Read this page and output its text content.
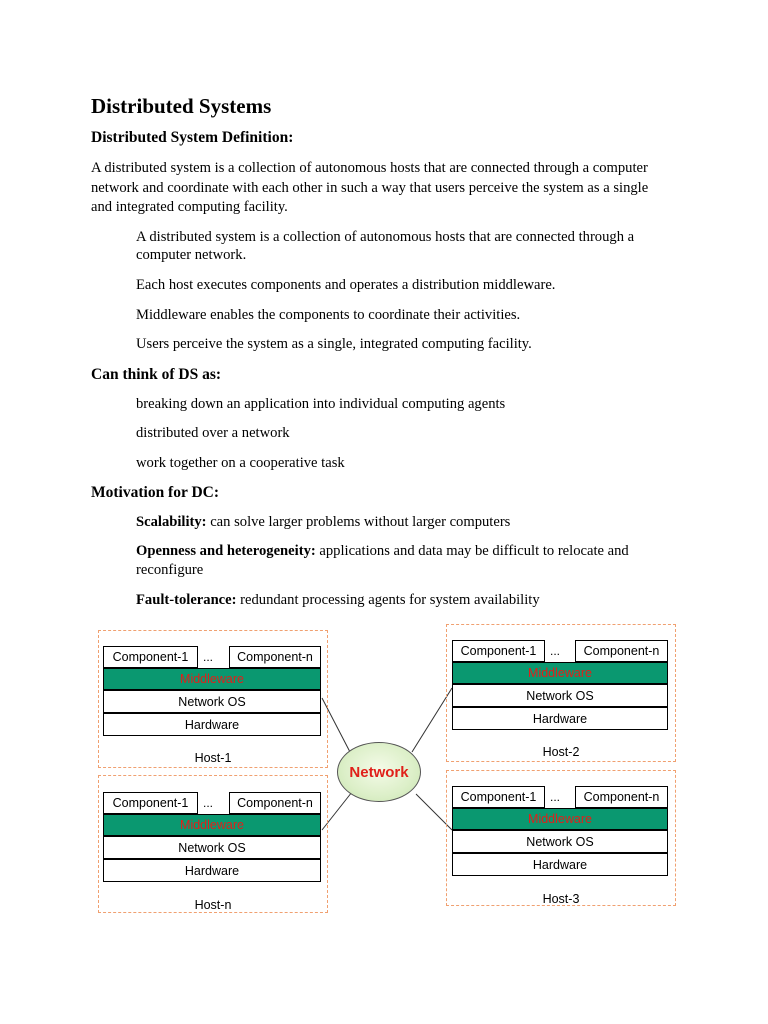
Distributed Systems
Distributed System Definition:

A distributed system is a collection of autonomous hosts that are connected through a computer

network and coordinate with each other in such a way that users perceive the system as a single

and integrated computing facility.

A distributed system is a collection of autonomous hosts that are connected through a

computer network.

Each host executes components and operates a distribution middleware.

Middleware enables the components to coordinate their activities.

Users perceive the system as a single, integrated computing facility.

Can think of DS as:

breaking down an application into individual computing agents

distributed over a network

work together on a cooperative task

Motivation for DC:

Scalability: can solve larger problems without larger computers

Openness and heterogeneity: applications and data may be difficult to relocate and

reconfigure

Fault-tolerance: redundant processing agents for system availability

Component-1	...	Component-n
Middleware
Network OS
Hardware
Host-1
Component-1	...	Component-n
Middleware
Network OS
Hardware
Host-n
Component-1	...	Component-n
Middleware
Network OS
Hardware
Host-2
Component-1	...	Component-n
Middleware
Network OS
Hardware
Host-3
Network
